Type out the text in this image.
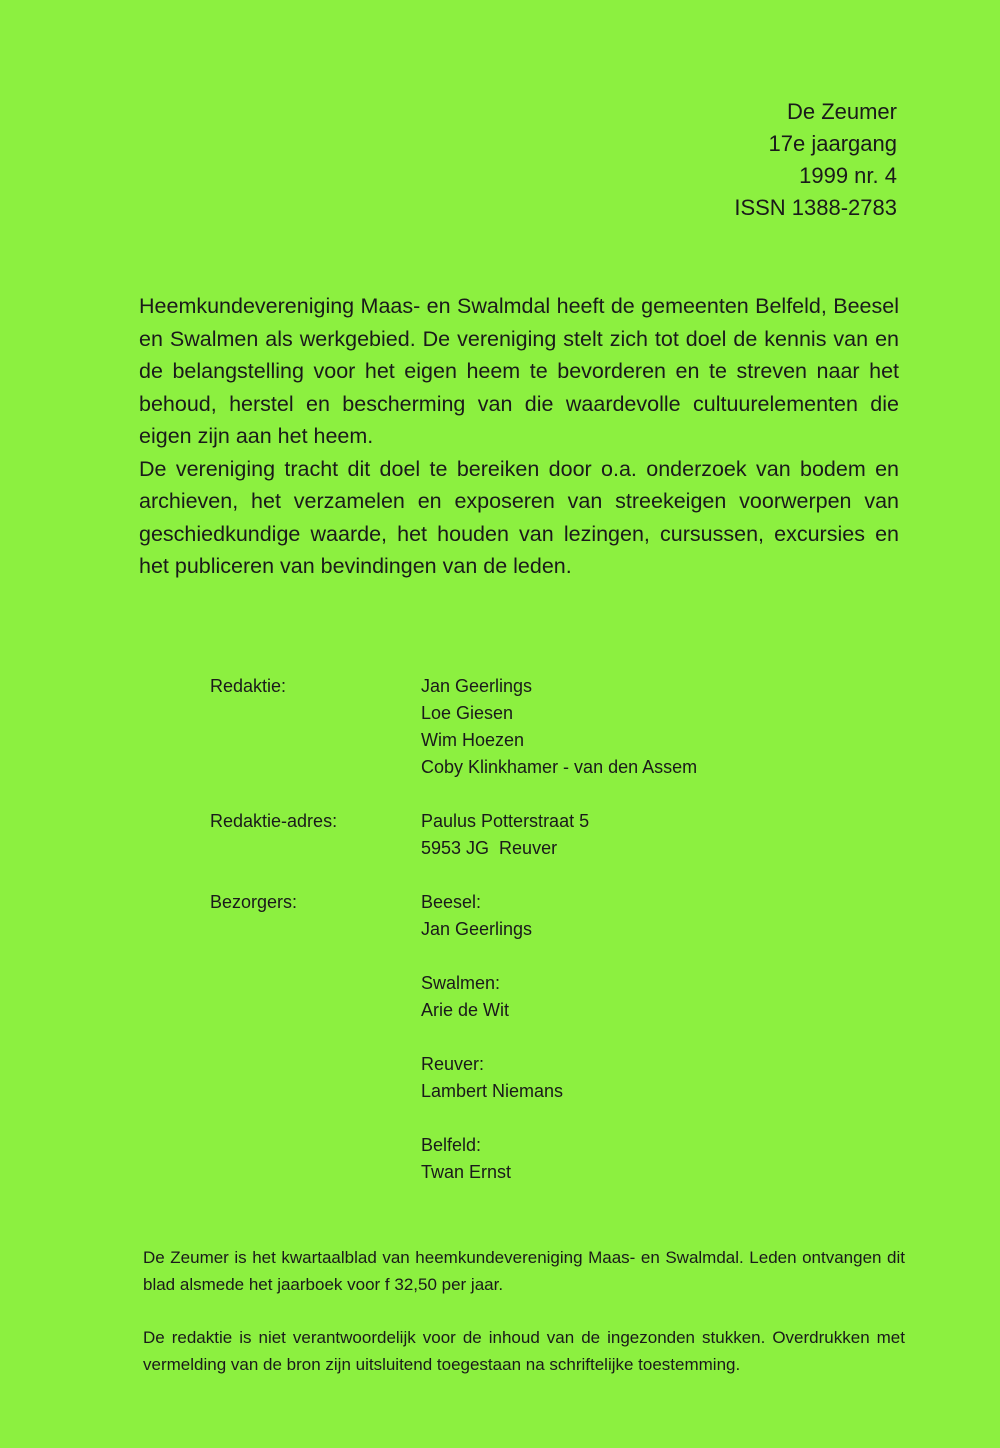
De Zeumer
17e jaargang
1999 nr. 4
ISSN 1388-2783

Heemkundevereniging Maas- en Swalmdal heeft de gemeenten Belfeld, Beesel en Swalmen als werkgebied. De vereniging stelt zich tot doel de kennis van en de belangstelling voor het eigen heem te bevorderen en te streven naar het behoud, herstel en bescherming van die waardevolle cultuurelementen die eigen zijn aan het heem.

De vereniging tracht dit doel te bereiken door o.a. onderzoek van bodem en archieven, het verzamelen en exposeren van streekeigen voorwerpen van geschiedkundige waarde, het houden van lezingen, cursussen, excursies en het publiceren van bevindingen van de leden.

Redaktie:	Jan Geerlings
Loe Giesen
Wim Hoezen
Coby Klinkhamer - van den Assem
Redaktie-adres:	Paulus Potterstraat 5
5953 JG  Reuver
Bezorgers:	Beesel:
Jan Geerlings
Swalmen:
Arie de Wit
Reuver:
Lambert Niemans
Belfeld:
Twan Ernst

De Zeumer is het kwartaalblad van heemkundevereniging Maas- en Swalmdal. Leden ontvangen dit blad alsmede het jaarboek voor f 32,50 per jaar.

De redaktie is niet verantwoordelijk voor de inhoud van de ingezonden stukken. Overdrukken met vermelding van de bron zijn uitsluitend toegestaan na schriftelijke toestemming.
